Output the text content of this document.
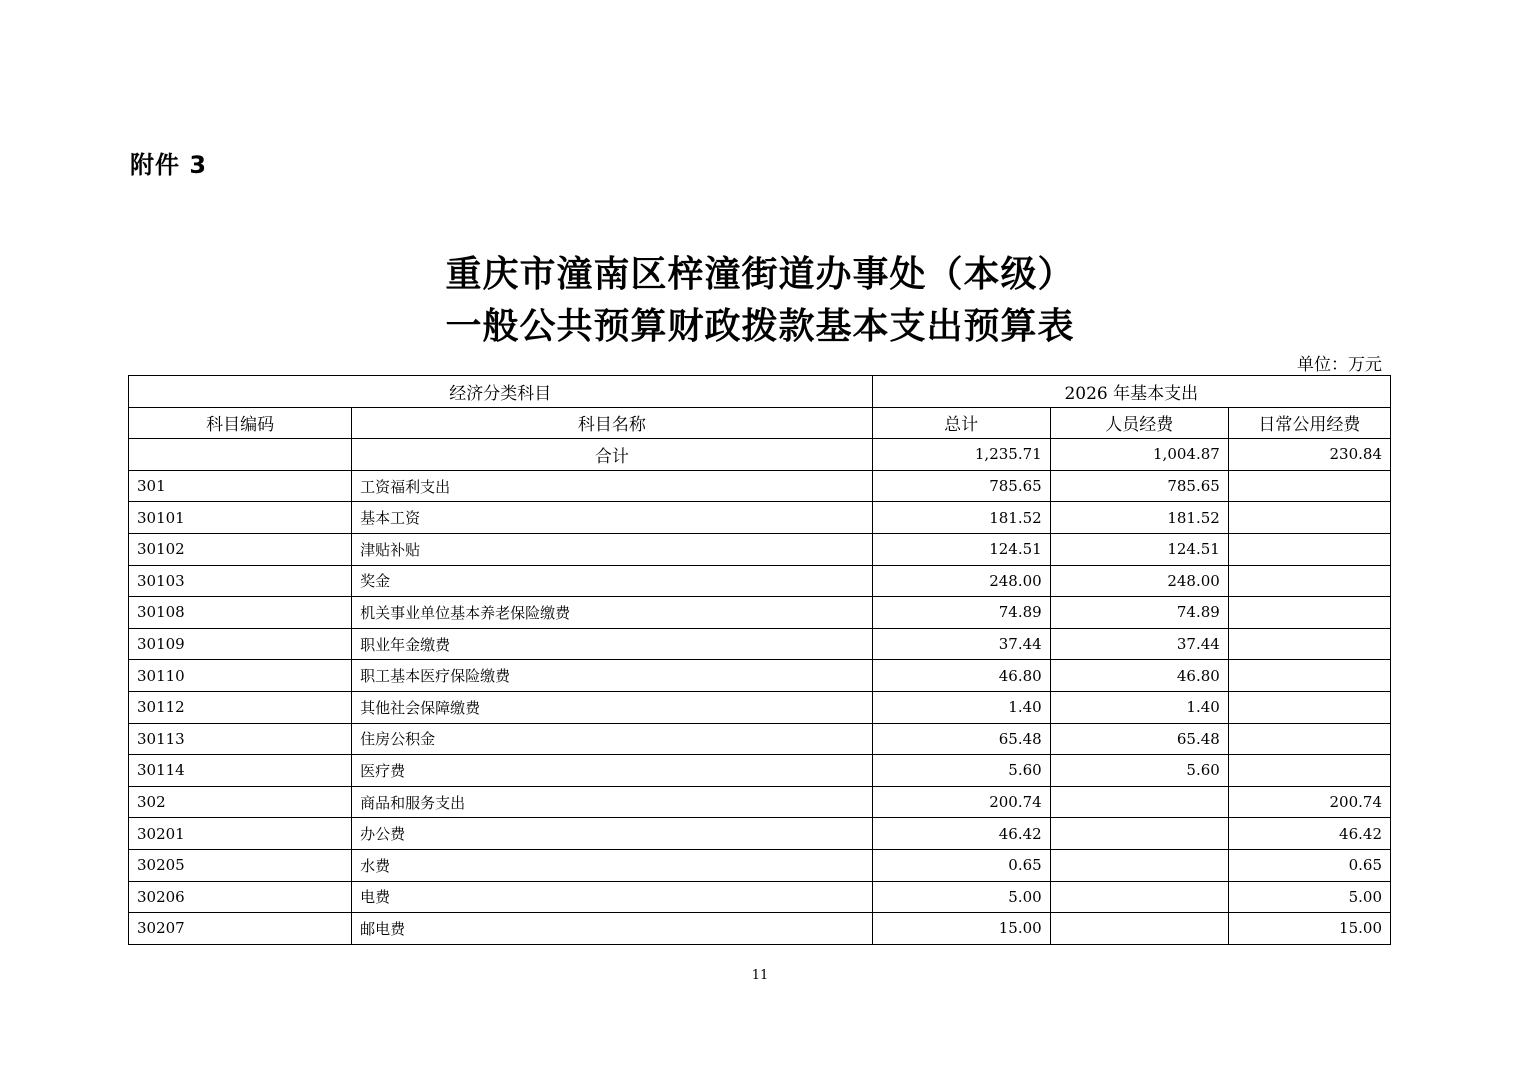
附件 3
重庆市潼南区梓潼街道办事处（本级）
一般公共预算财政拨款基本支出预算表
单位：万元
经济分类科目		2026 年基本支出		
科目编码	科目名称	总计	人员经费	日常公用经费
	合计	1,235.71	1,004.87	230.84
301	工资福利支出	785.65	785.65	
30101	基本工资	181.52	181.52	
30102	津贴补贴	124.51	124.51	
30103	奖金	248.00	248.00	
30108	机关事业单位基本养老保险缴费	74.89	74.89	
30109	职业年金缴费	37.44	37.44	
30110	职工基本医疗保险缴费	46.80	46.80	
30112	其他社会保障缴费	1.40	1.40	
30113	住房公积金	65.48	65.48	
30114	医疗费	5.60	5.60	
302	商品和服务支出	200.74		200.74
30201	办公费	46.42		46.42
30205	水费	0.65		0.65
30206	电费	5.00		5.00
30207	邮电费	15.00		15.00
11
